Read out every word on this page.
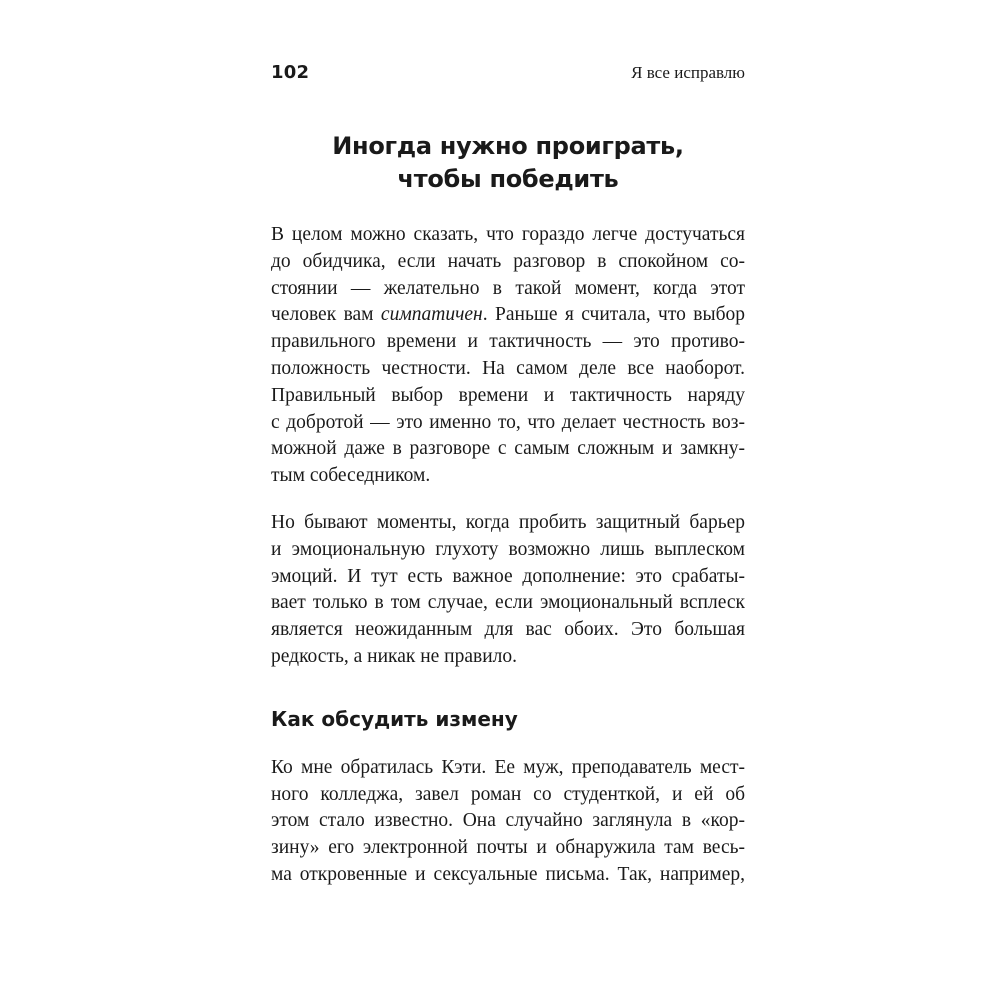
102	Я все исправлю
Иногда нужно проиграть,
чтобы победить

В целом можно сказать, что гораздо легче достучаться
до обидчика, если начать разговор в спокойном со-
стоянии — желательно в такой момент, когда этот
человек вам симпатичен. Раньше я считала, что выбор
правильного времени и тактичность — это противо-
положность честности. На самом деле все наоборот.
Правильный выбор времени и тактичность наряду
с добротой — это именно то, что делает честность воз-
можной даже в разговоре с самым сложным и замкну-
тым собеседником.

Но бывают моменты, когда пробить защитный барьер
и эмоциональную глухоту возможно лишь выплеском
эмоций. И тут есть важное дополнение: это срабаты-
вает только в том случае, если эмоциональный всплеск
является неожиданным для вас обоих. Это большая
редкость, а никак не правило.

Как обсудить измену

Ко мне обратилась Кэти. Ее муж, преподаватель мест-
ного колледжа, завел роман со студенткой, и ей об
этом стало известно. Она случайно заглянула в «кор-
зину» его электронной почты и обнаружила там весь-
ма откровенные и сексуальные письма. Так, например,
